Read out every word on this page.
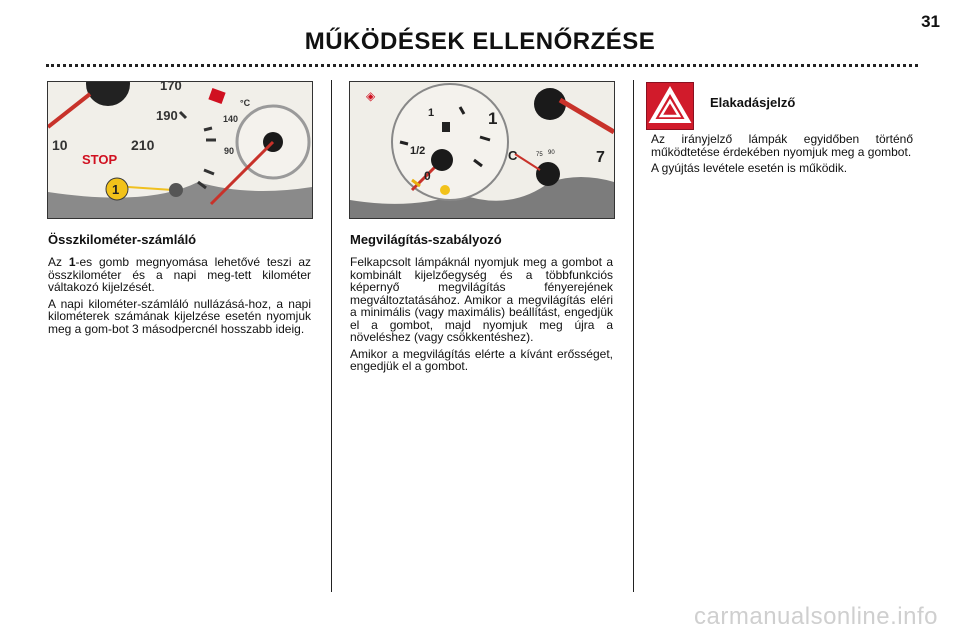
31
MŰKÖDÉSEK ELLENŐRZÉSE
170
190
210
140
90
10
STOP
°C
1
◈
1
1/2
0
1
C	7
75 90
Összkilométer-számláló

Az 1-es gomb megnyomása lehetővé teszi az összkilométer és a napi meg-tett kilométer váltakozó kijelzését.

A napi kilométer-számláló nullázásá-hoz, a napi kilométerek számának kijelzése esetén nyomjuk meg a gom-bot 3 másodpercnél hosszabb ideig.

Megvilágítás-szabályozó

Felkapcsolt lámpáknál nyomjuk meg a gombot a kombinált kijelzőegység és a többfunkciós képernyő megvilágítás fényerejének megváltoztatásához. Amikor a megvilágítás eléri a minimális (vagy maximális) beállítást, engedjük el a gombot, majd nyomjuk meg újra a növeléshez (vagy csökkentéshez).

Amikor a megvilágítás elérte a kívánt erősséget, engedjük el a gombot.

Elakadásjelző

Az irányjelző lámpák egyidőben történő működtetése érdekében nyomjuk meg a gombot.

A gyújtás levétele esetén is működik.

carmanualsonline.info
